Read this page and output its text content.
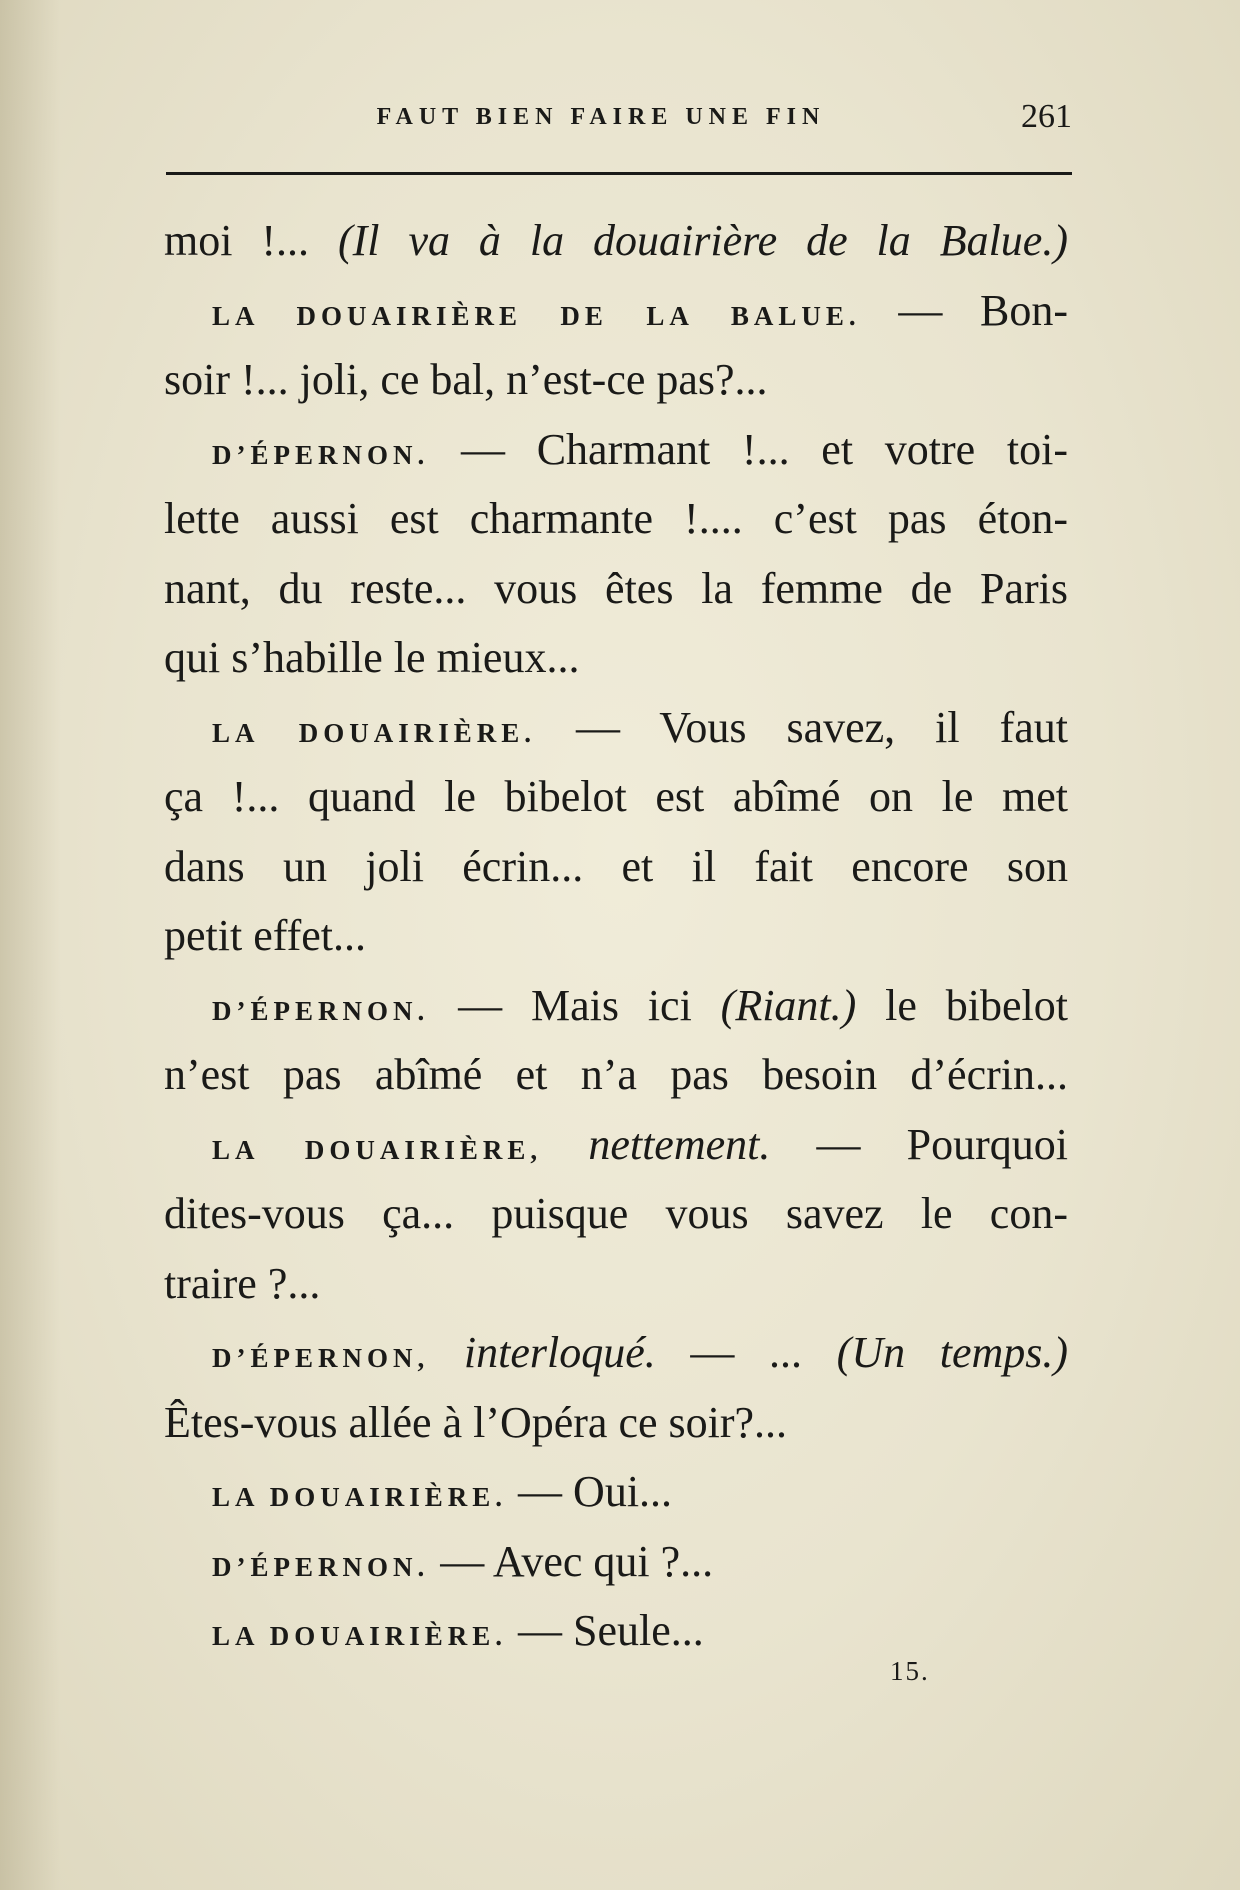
FAUT BIEN FAIRE UNE FIN	261
moi !... (Il va à la douairière de la Balue.)
LA DOUAIRIÈRE DE LA BALUE. — Bon-
soir !... joli, ce bal, n’est-ce pas?...
D’ÉPERNON. — Charmant !... et votre toi-
lette aussi est charmante !.... c’est pas éton-
nant, du reste... vous êtes la femme de Paris
qui s’habille le mieux...
LA DOUAIRIÈRE. — Vous savez, il faut
ça !... quand le bibelot est abîmé on le met
dans un joli écrin... et il fait encore son
petit effet...
D’ÉPERNON. — Mais ici (Riant.) le bibelot
n’est pas abîmé et n’a pas besoin d’écrin...
LA DOUAIRIÈRE, nettement. — Pourquoi
dites-vous ça... puisque vous savez le con-
traire ?...
D’ÉPERNON, interloqué. — ... (Un temps.)
Êtes-vous allée à l’Opéra ce soir?...
LA DOUAIRIÈRE. — Oui...
D’ÉPERNON. — Avec qui ?...
LA DOUAIRIÈRE. — Seule...
15.
